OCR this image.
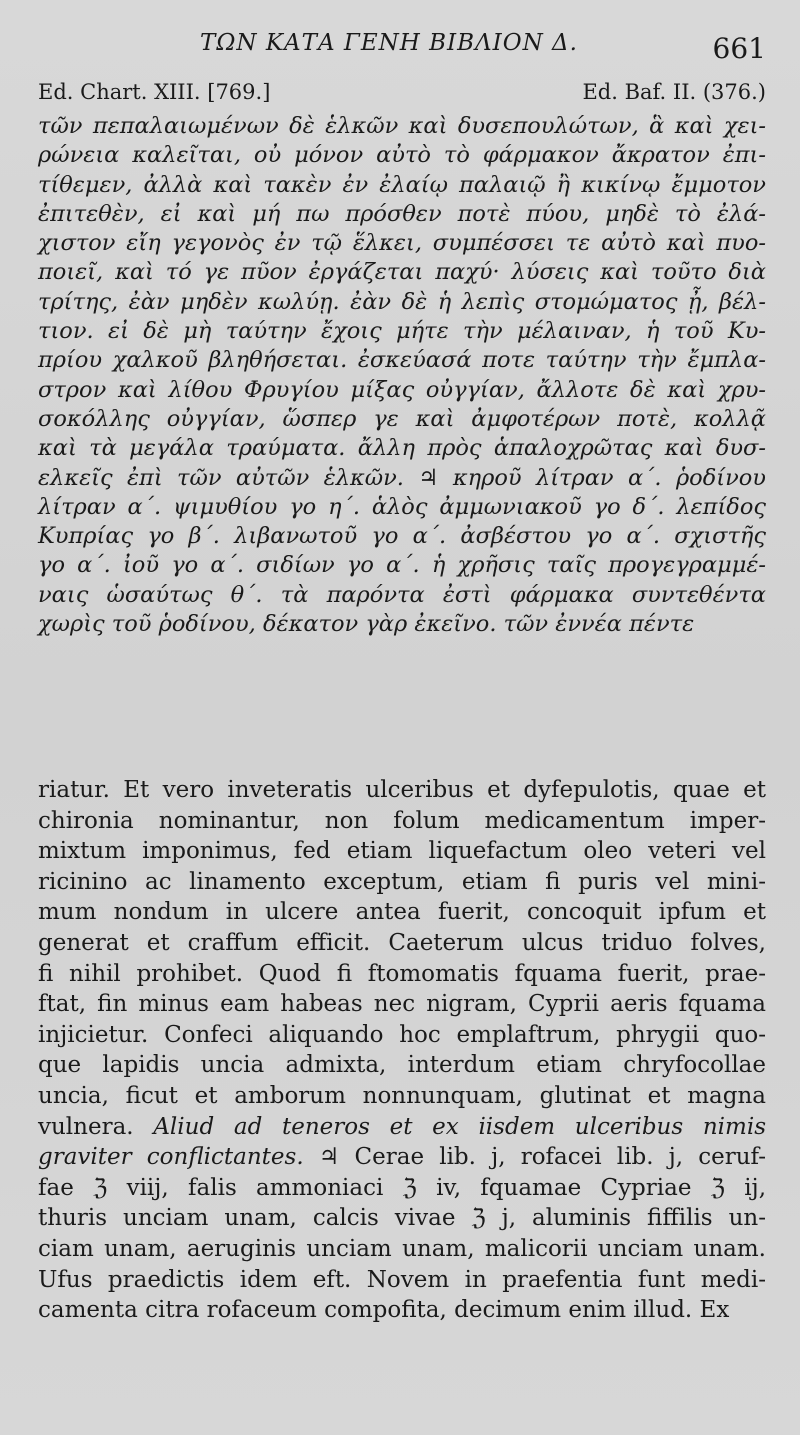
ΤΩΝ ΚΑΤΑ ΓΕΝΗ ΒΙΒΛΙΟΝ Δ.	661
Ed. Chart. XIII. [769.]	Ed. Baf. II. (376.)
τῶν πεπαλαιωμένων δὲ ἑλκῶν καὶ δυσεπουλώτων, ἃ καὶ χει-
ρώνεια καλεῖται, οὐ μόνον αὐτὸ τὸ φάρμακον ἄκρατον ἐπι-
τίθεμεν, ἀλλὰ καὶ τακὲν ἐν ἐλαίῳ παλαιῷ ἢ κικίνῳ ἔμμοτον
ἐπιτεθὲν, εἰ καὶ μή πω πρόσθεν ποτὲ πύου, μηδὲ τὸ ἐλά-
χιστον εἴη γεγονὸς ἐν τῷ ἕλκει, συμπέσσει τε αὐτὸ καὶ πυο-
ποιεῖ, καὶ τό γε πῦον ἐργάζεται παχύ· λύσεις καὶ τοῦτο διὰ
τρίτης, ἐὰν μηδὲν κωλύῃ. ἐὰν δὲ ἡ λεπὶς στομώματος ᾖ, βέλ-
τιον. εἰ δὲ μὴ ταύτην ἔχοις μήτε τὴν μέλαιναν, ἡ τοῦ Κυ-
πρίου χαλκοῦ βληθήσεται. ἐσκεύασά ποτε ταύτην τὴν ἔμπλα-
στρον καὶ λίθου Φρυγίου μίξας οὐγγίαν, ἄλλοτε δὲ καὶ χρυ-
σοκόλλης οὐγγίαν, ὥσπερ γε καὶ ἀμφοτέρων ποτὲ, κολλᾷ
καὶ τὰ μεγάλα τραύματα. ἄλλη πρὸς ἁπαλοχρῶτας καὶ δυσ-
ελκεῖς ἐπὶ τῶν αὐτῶν ἑλκῶν. ♃ κηροῦ λίτραν α΄. ῥοδίνου
λίτραν α΄. ψιμυθίου γο η΄. ἁλὸς ἀμμωνιακοῦ γο δ΄. λεπίδος
Κυπρίας γο β΄. λιβανωτοῦ γο α΄. ἀσβέστου γο α΄. σχιστῆς
γο α΄. ἰοῦ γο α΄. σιδίων γο α΄. ἡ χρῆσις ταῖς προγεγραμμέ-
ναις ὡσαύτως θ΄. τὰ παρόντα ἐστὶ φάρμακα συντεθέντα
χωρὶς τοῦ ῥοδίνου, δέκατον γὰρ ἐκεῖνο. τῶν ἐννέα πέντε
riatur. Et vero inveteratis ulceribus et dyfepulotis, quae et
chironia nominantur, non folum medicamentum imper-
mixtum imponimus, fed etiam liquefactum oleo veteri vel
ricinino ac linamento exceptum, etiam fi puris vel mini-
mum nondum in ulcere antea fuerit, concoquit ipfum et
generat et craffum efficit. Caeterum ulcus triduo folves,
fi nihil prohibet. Quod fi ftomomatis fquama fuerit, prae-
ftat, fin minus eam habeas nec nigram, Cyprii aeris fquama
injicietur. Confeci aliquando hoc emplaftrum, phrygii quo-
que lapidis uncia admixta, interdum etiam chryfocollae
uncia, ficut et amborum nonnunquam, glutinat et magna
vulnera. Aliud ad teneros et ex iisdem ulceribus nimis
graviter conflictantes. ♃ Cerae lib. j, rofacei lib. j, ceruf-
fae ℨ viij, falis ammoniaci ℨ iv, fquamae Cypriae ℨ ij,
thuris unciam unam, calcis vivae ℨ j, aluminis fiffilis un-
ciam unam, aeruginis unciam unam, malicorii unciam unam.
Ufus praedictis idem eft. Novem in praefentia funt medi-
camenta citra rofaceum compofita, decimum enim illud. Ex
